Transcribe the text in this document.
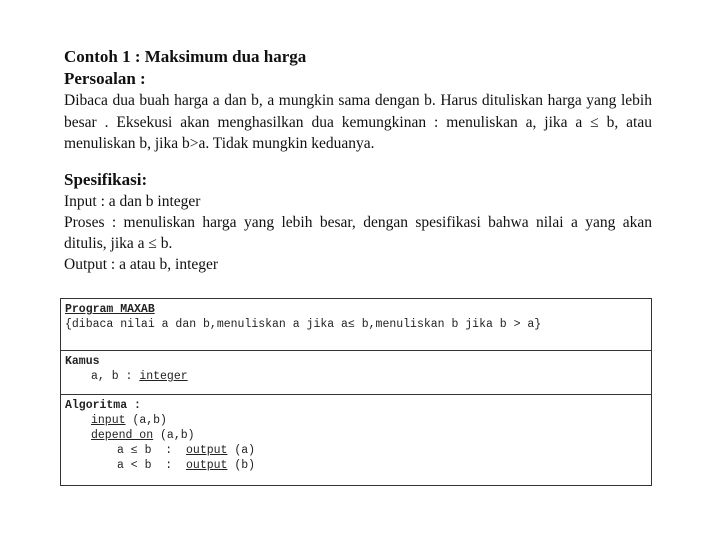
Contoh 1 : Maksimum dua harga

Persoalan :

Dibaca dua buah harga a dan b, a mungkin sama dengan b. Harus dituliskan harga yang lebih besar . Eksekusi akan menghasilkan dua kemungkinan : menuliskan a, jika a ≤ b, atau menuliskan b, jika b>a. Tidak mungkin keduanya.

Spesifikasi:

Input : a dan b integer

Proses : menuliskan harga yang lebih besar, dengan spesifikasi bahwa nilai a yang akan ditulis, jika a ≤ b.

Output : a atau b, integer

Program MAXAB
{dibaca nilai a dan b,menuliskan a jika a≤ b,menuliskan b jika b > a}
Kamus
a, b : integer
Algoritma :
input (a,b)
depend on (a,b)
a ≤ b  :  output (a)
a < b  :  output (b)
